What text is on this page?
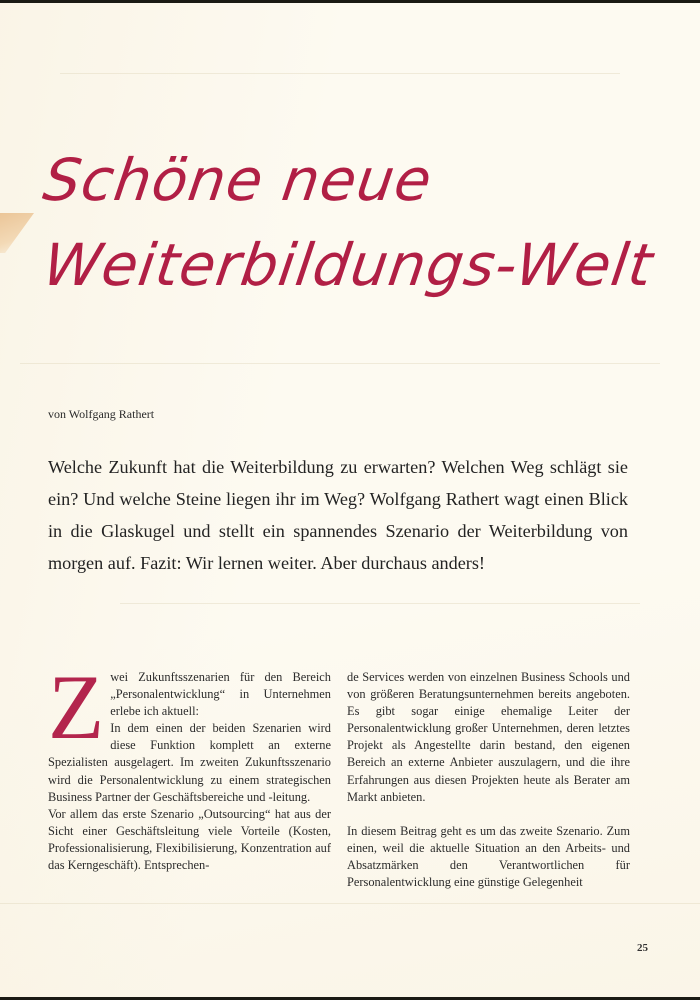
Schöne neue
Weiterbildungs-Welt
von Wolfgang Rathert
Welche Zukunft hat die Weiterbildung zu erwarten? Welchen Weg schlägt sie ein? Und welche Steine liegen ihr im Weg? Wolfgang Rathert wagt einen Blick in die Glaskugel und stellt ein spannendes Szenario der Weiterbildung von morgen auf. Fazit: Wir lernen weiter. Aber durchaus anders!

Zwei Zukunftsszenarien für den Bereich „Personalentwicklung“ in Unternehmen erlebe ich aktuell:

In dem einen der beiden Szenarien wird diese Funktion komplett an externe Spezialisten ausgelagert. Im zweiten Zukunftsszenario wird die Personalentwicklung zu einem strategischen Business Partner der Geschäftsbereiche und -leitung.

Vor allem das erste Szenario „Outsourcing“ hat aus der Sicht einer Geschäftsleitung viele Vorteile (Kosten, Professionalisierung, Flexibilisierung, Konzentration auf das Kerngeschäft). Entsprechen-

de Services werden von einzelnen Business Schools und von größeren Beratungsunternehmen bereits angeboten. Es gibt sogar einige ehemalige Leiter der Personalentwicklung großer Unternehmen, deren letztes Projekt als Angestellte darin bestand, den eigenen Bereich an externe Anbieter auszulagern, und die ihre Erfahrungen aus diesen Projekten heute als Berater am Markt anbieten.

In diesem Beitrag geht es um das zweite Szenario. Zum einen, weil die aktuelle Situation an den Arbeits- und Absatzmärken den Verantwortlichen für Personalentwicklung eine günstige Gelegenheit

25
